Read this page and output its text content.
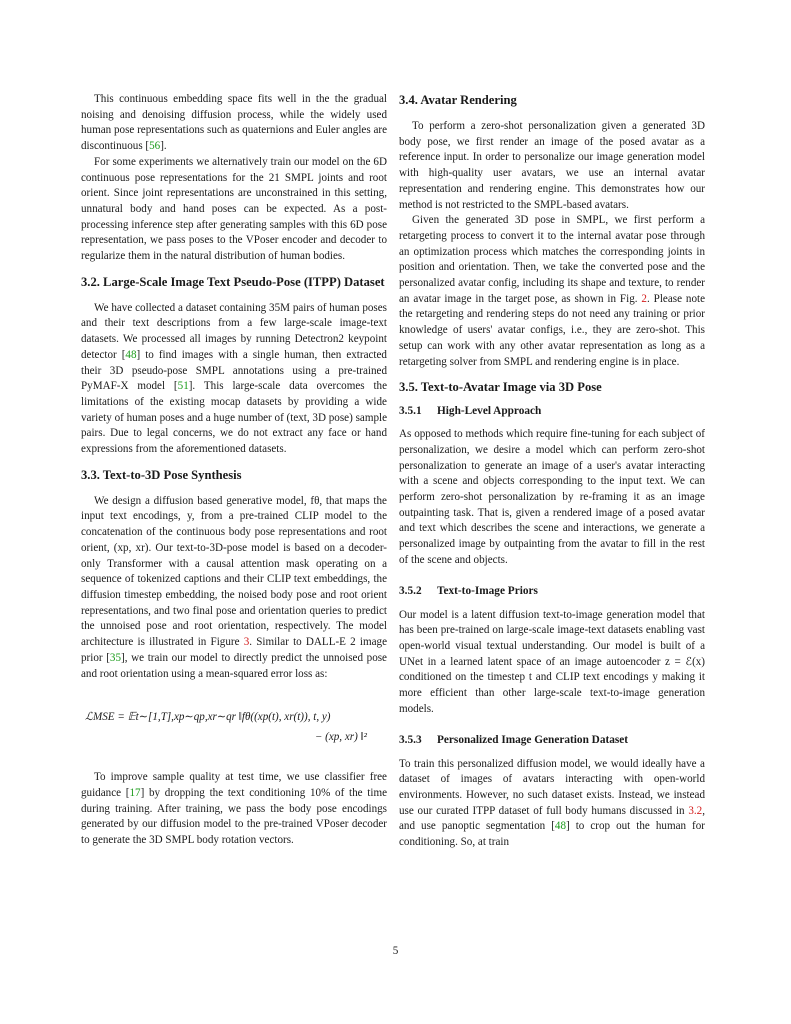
This continuous embedding space fits well in the the gradual noising and denoising diffusion process, while the widely used human pose representations such as quaternions and Euler angles are discontinuous [56].

For some experiments we alternatively train our model on the 6D continuous pose representations for the 21 SMPL joints and root orient. Since joint representations are unconstrained in this setting, unnatural body and hand poses can be expected. As a post-processing inference step after generating samples with this 6D pose representation, we pass poses to the VPoser encoder and decoder to regularize them in the natural distribution of human bodies.

3.2. Large-Scale Image Text Pseudo-Pose (ITPP) Dataset

We have collected a dataset containing 35M pairs of human poses and their text descriptions from a few large-scale image-text datasets. We processed all images by running Detectron2 keypoint detector [48] to find images with a single human, then extracted their 3D pseudo-pose SMPL annotations using a pre-trained PyMAF-X model [51]. This large-scale data overcomes the limitations of the existing mocap datasets by providing a wide variety of human poses and a huge number of (text, 3D pose) sample pairs. Due to legal concerns, we do not extract any face or hand expressions from the aforementioned datasets.

3.3. Text-to-3D Pose Synthesis

We design a diffusion based generative model, fθ, that maps the input text encodings, y, from a pre-trained CLIP model to the concatenation of the continuous body pose representations and root orient, (xp, xr). Our text-to-3D-pose model is based on a decoder-only Transformer with a causal attention mask operating on a sequence of tokenized captions and their CLIP text embeddings, the diffusion timestep embedding, the noised body pose and root orient representations, and two final pose and orientation queries to predict the unnoised pose and root orientation, respectively. The model architecture is illustrated in Figure 3. Similar to DALL-E 2 image prior [35], we train our model to directly predict the unnoised pose and root orientation using a mean-squared error loss as:

ℒMSE = 𝔼t∼[1,T],xp∼qp,xr∼qr ‖fθ((xp(t), xr(t)), t, y)
− (xp, xr) ‖²

To improve sample quality at test time, we use classifier free guidance [17] by dropping the text conditioning 10% of the time during training. After training, we pass the body pose encodings generated by our diffusion model to the pre-trained VPoser decoder to generate the 3D SMPL body rotation vectors.

3.4. Avatar Rendering

To perform a zero-shot personalization given a generated 3D body pose, we first render an image of the posed avatar as a reference input. In order to personalize our image generation model with high-quality user avatars, we use an internal avatar representation and rendering engine. This demonstrates how our method is not restricted to the SMPL-based avatars.

Given the generated 3D pose in SMPL, we first perform a retargeting process to convert it to the internal avatar pose through an optimization process which matches the corresponding joints in position and orientation. Then, we take the converted pose and the personalized avatar config, including its shape and texture, to render an avatar image in the target pose, as shown in Fig. 2. Please note the retargeting and rendering steps do not need any training or prior knowledge of users' avatar configs, i.e., they are zero-shot. This setup can work with any other avatar representation as long as a retargeting solver from SMPL and rendering engine is in place.

3.5. Text-to-Avatar Image via 3D Pose
3.5.1 High-Level Approach

As opposed to methods which require fine-tuning for each subject of personalization, we desire a model which can perform zero-shot personalization to generate an image of a user's avatar interacting with a scene and objects corresponding to the input text. We can perform zero-shot personalization by re-framing it as an image outpainting task. That is, given a rendered image of a posed avatar and text which describes the scene and interactions, we generate a personalized image by outpainting from the avatar to fill in the rest of the scene and objects.

3.5.2 Text-to-Image Priors

Our model is a latent diffusion text-to-image generation model that has been pre-trained on large-scale image-text datasets enabling vast open-world visual textual understanding. Our model is built of a UNet in a learned latent space of an image autoencoder z = ℰ(x) conditioned on the timestep t and CLIP text encodings y making it more efficient than other large-scale text-to-image generation models.

3.5.3 Personalized Image Generation Dataset

To train this personalized diffusion model, we would ideally have a dataset of images of avatars interacting with open-world environments. However, no such dataset exists. Instead, we instead use our curated ITPP dataset of full body humans discussed in 3.2, and use panoptic segmentation [48] to crop out the human for conditioning. So, at train

5
